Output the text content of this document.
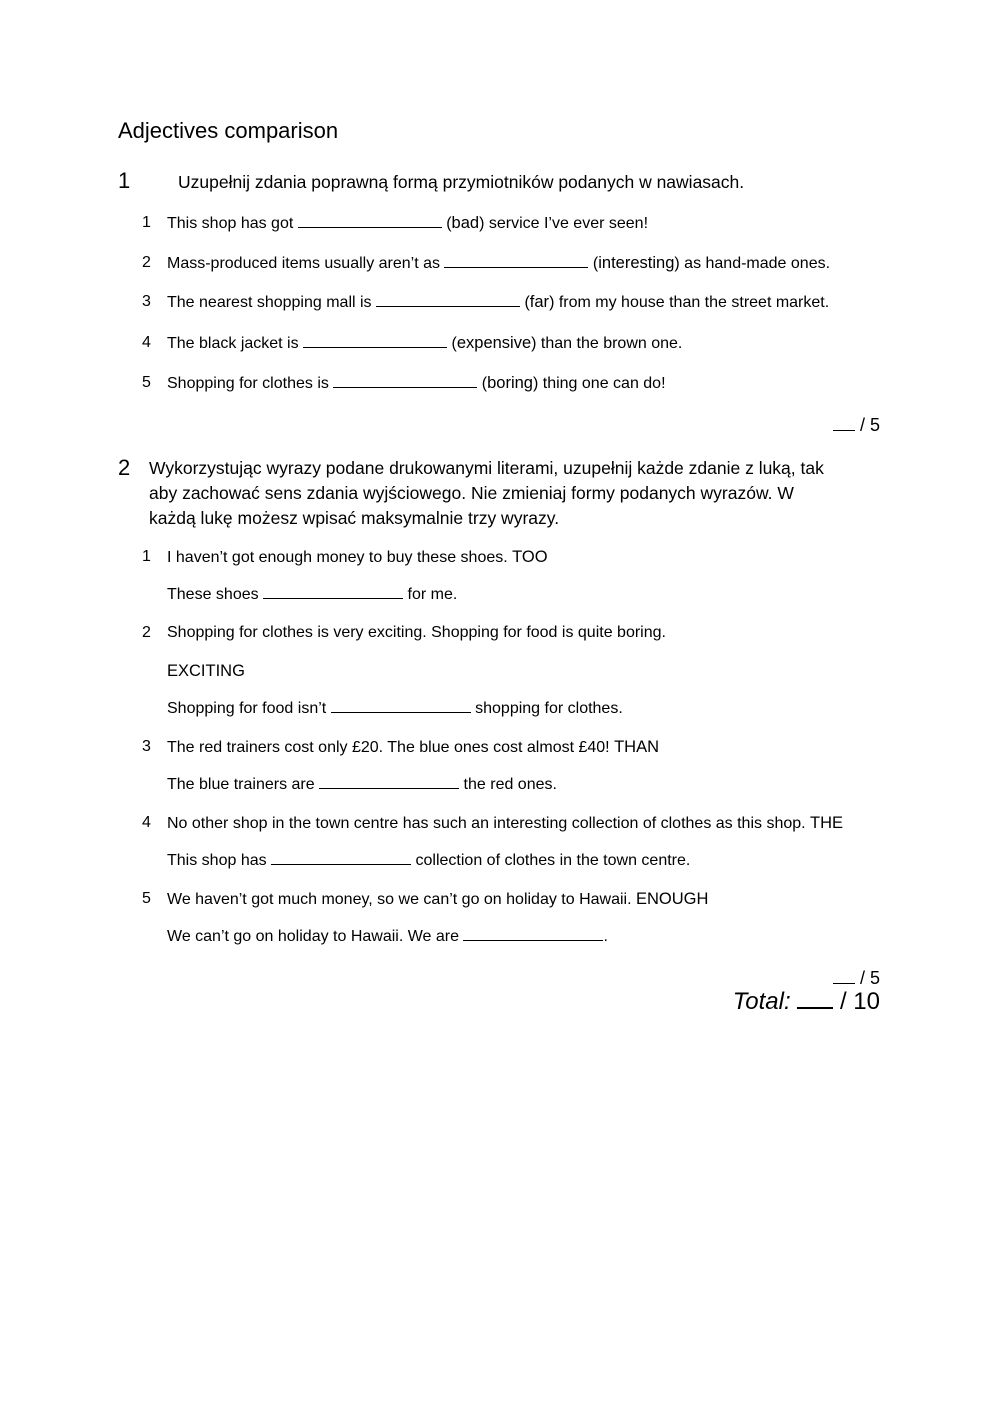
Adjectives comparison
1	Uzupełnij zdania poprawną formą przymiotników podanych w nawiasach.
1 This shop has got	(bad) service I’ve ever seen!
2 Mass-produced items usually aren’t as	(interesting) as hand-made ones.
3 The nearest shopping mall is	(far) from my house than the street market.
4 The black jacket is	(expensive) than the brown one.
5 Shopping for clothes is	(boring) thing one can do!
/ 5
2 Wykorzystując wyrazy podane drukowanymi literami, uzupełnij każde zdanie z luką, tak
aby zachować sens zdania wyjściowego. Nie zmieniaj formy podanych wyrazów. W
każdą lukę możesz wpisać maksymalnie trzy wyrazy.
1 I haven’t got enough money to buy these shoes. TOO
These shoes	for me.
2 Shopping for clothes is very exciting. Shopping for food is quite boring.
EXCITING
Shopping for food isn’t	shopping for clothes.
3 The red trainers cost only £20. The blue ones cost almost £40! THAN
The blue trainers are	the red ones.
4 No other shop in the town centre has such an interesting collection of clothes as this shop. THE
This shop has	collection of clothes in the town centre.
5 We haven’t got much money, so we can’t go on holiday to Hawaii. ENOUGH
We can’t go on holiday to Hawaii. We are	.
/ 5
Total: / 10
